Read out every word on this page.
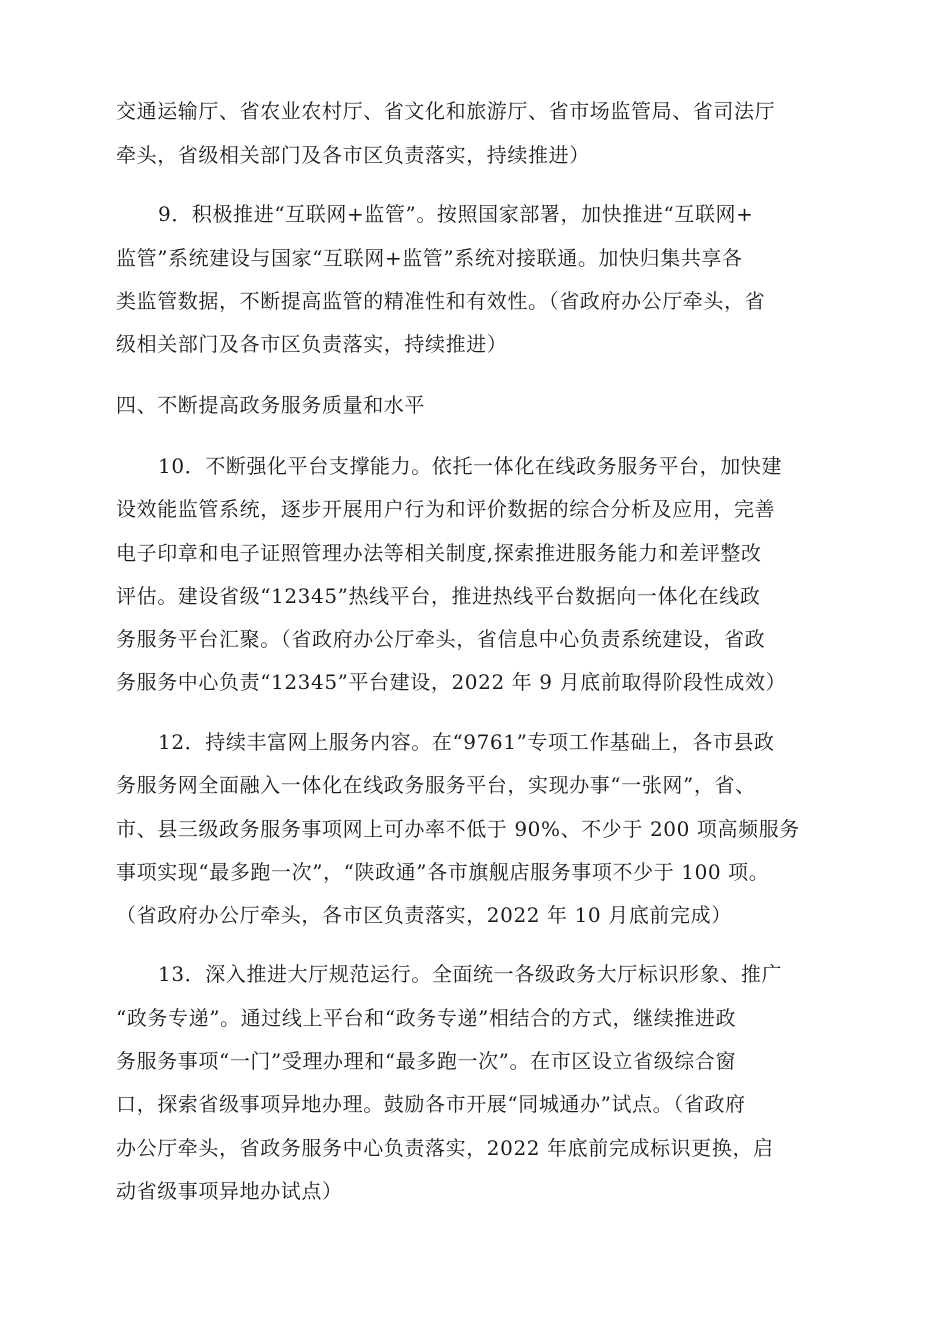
交通运输厅、省农业农村厅、省文化和旅游厅、省市场监管局、省司法厅
牵头，省级相关部门及各市区负责落实，持续推进）
9．积极推进“互联网+监管”。按照国家部署，加快推进“互联网+
监管”系统建设与国家“互联网+监管”系统对接联通。加快归集共享各
类监管数据，不断提高监管的精准性和有效性。（省政府办公厅牵头，省
级相关部门及各市区负责落实，持续推进）
四、不断提高政务服务质量和水平
10．不断强化平台支撑能力。依托一体化在线政务服务平台，加快建
设效能监管系统，逐步开展用户行为和评价数据的综合分析及应用，完善
电子印章和电子证照管理办法等相关制度,探索推进服务能力和差评整改
评估。建设省级“12345”热线平台，推进热线平台数据向一体化在线政
务服务平台汇聚。（省政府办公厅牵头，省信息中心负责系统建设，省政
务服务中心负责“12345”平台建设，2022 年 9 月底前取得阶段性成效）
12．持续丰富网上服务内容。在“9761”专项工作基础上，各市县政
务服务网全面融入一体化在线政务服务平台，实现办事“一张网”，省、
市、县三级政务服务事项网上可办率不低于 90%、不少于 200 项高频服务
事项实现“最多跑一次”，“陕政通”各市旗舰店服务事项不少于 100 项。
（省政府办公厅牵头，各市区负责落实，2022 年 10 月底前完成）
13．深入推进大厅规范运行。全面统一各级政务大厅标识形象、推广
“政务专递”。通过线上平台和“政务专递”相结合的方式，继续推进政
务服务事项“一门”受理办理和“最多跑一次”。在市区设立省级综合窗
口，探索省级事项异地办理。鼓励各市开展“同城通办”试点。（省政府
办公厅牵头，省政务服务中心负责落实，2022 年底前完成标识更换，启
动省级事项异地办试点）
